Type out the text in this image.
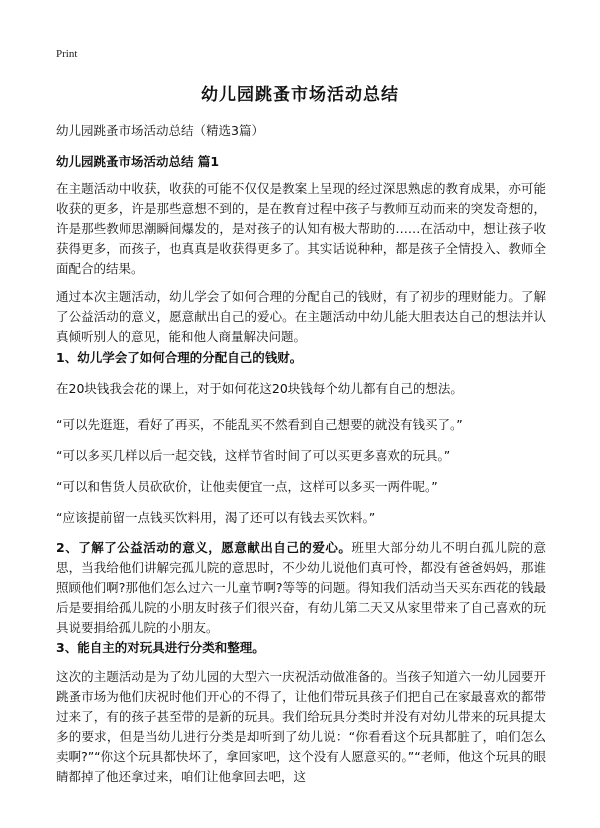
Print
幼儿园跳蚤市场活动总结
幼儿园跳蚤市场活动总结（精选3篇）
幼儿园跳蚤市场活动总结 篇1

在主题活动中收获，收获的可能不仅仅是教案上呈现的经过深思熟虑的教育成果，亦可能收获的更多，许是那些意想不到的，是在教育过程中孩子与教师互动而来的突发奇想的，许是那些教师思潮瞬间爆发的，是对孩子的认知有极大帮助的……在活动中，想让孩子收获得更多，而孩子，也真真是收获得更多了。其实话说种种，都是孩子全情投入、教师全面配合的结果。

通过本次主题活动，幼儿学会了如何合理的分配自己的钱财，有了初步的理财能力。了解了公益活动的意义，愿意献出自己的爱心。在主题活动中幼儿能大胆表达自己的想法并认真倾听别人的意见，能和他人商量解决问题。

1、幼儿学会了如何合理的分配自己的钱财。

在20块钱我会花的课上，对于如何花这20块钱每个幼儿都有自己的想法。

“可以先逛逛，看好了再买，不能乱买不然看到自己想要的就没有钱买了。”

“可以多买几样以后一起交钱，这样节省时间了可以买更多喜欢的玩具。”

“可以和售货人员砍砍价，让他卖便宜一点，这样可以多买一两件呢。”

“应该提前留一点钱买饮料用，渴了还可以有钱去买饮料。”

2、了解了公益活动的意义，愿意献出自己的爱心。班里大部分幼儿不明白孤儿院的意思，当我给他们讲解完孤儿院的意思时，不少幼儿说他们真可怜，都没有爸爸妈妈，那谁照顾他们啊?那他们怎么过六一儿童节啊?等等的问题。得知我们活动当天买东西花的钱最后是要捐给孤儿院的小朋友时孩子们很兴奋，有幼儿第二天又从家里带来了自己喜欢的玩具说要捐给孤儿院的小朋友。

3、能自主的对玩具进行分类和整理。

这次的主题活动是为了幼儿园的大型六一庆祝活动做准备的。当孩子知道六一幼儿园要开跳蚤市场为他们庆祝时他们开心的不得了，让他们带玩具孩子们把自己在家最喜欢的都带过来了，有的孩子甚至带的是新的玩具。我们给玩具分类时并没有对幼儿带来的玩具提太多的要求，但是当幼儿进行分类是却听到了幼儿说：“你看看这个玩具都脏了，咱们怎么卖啊?”“你这个玩具都快坏了，拿回家吧，这个没有人愿意买的。”“老师，他这个玩具的眼睛都掉了他还拿过来，咱们让他拿回去吧，这
